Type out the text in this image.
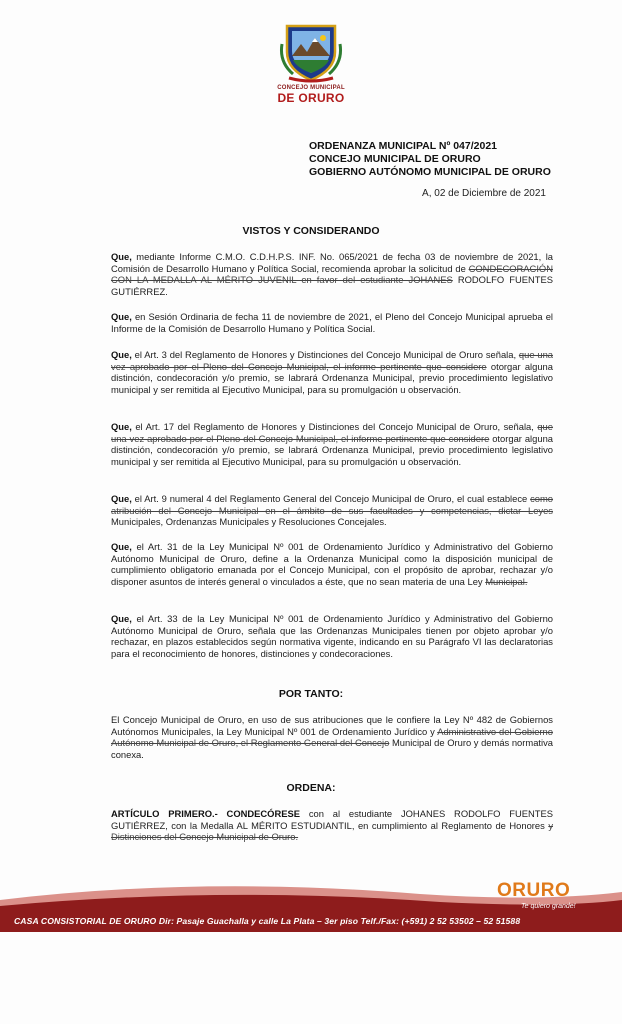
CONCEJO MUNICIPAL
DE ORURO
ORDENANZA MUNICIPAL Nº 047/2021
CONCEJO MUNICIPAL DE ORURO
GOBIERNO AUTÓNOMO MUNICIPAL DE ORURO
A, 02 de Diciembre de 2021
VISTOS Y CONSIDERANDO
Que, mediante Informe C.M.O. C.D.H.P.S. INF. No. 065/2021 de fecha 03 de noviembre de 2021, la Comisión de Desarrollo Humano y Política Social, recomienda aprobar la solicitud de CONDECORACIÓN CON LA MEDALLA AL MÉRITO JUVENIL en favor del estudiante JOHANES RODOLFO FUENTES GUTIÉRREZ.
Que, en Sesión Ordinaria de fecha 11 de noviembre de 2021, el Pleno del Concejo Municipal aprueba el Informe de la Comisión de Desarrollo Humano y Política Social.
Que, el Art. 3 del Reglamento de Honores y Distinciones del Concejo Municipal de Oruro señala, que una vez aprobado por el Pleno del Concejo Municipal, el informe pertinente que considere otorgar alguna distinción, condecoración y/o premio, se labrará Ordenanza Municipal, previo procedimiento legislativo municipal y ser remitida al Ejecutivo Municipal, para su promulgación u observación.
Que, el Art. 17 del Reglamento de Honores y Distinciones del Concejo Municipal de Oruro, señala, que una vez aprobado por el Pleno del Concejo Municipal, el informe pertinente que considere otorgar alguna distinción, condecoración y/o premio, se labrará Ordenanza Municipal, previo procedimiento legislativo municipal y ser remitida al Ejecutivo Municipal, para su promulgación u observación.
Que, el Art. 9 numeral 4 del Reglamento General del Concejo Municipal de Oruro, el cual establece como atribución del Concejo Municipal en el ámbito de sus facultades y competencias, dictar Leyes Municipales, Ordenanzas Municipales y Resoluciones Concejales.
Que, el Art. 31 de la Ley Municipal Nº 001 de Ordenamiento Jurídico y Administrativo del Gobierno Autónomo Municipal de Oruro, define a la Ordenanza Municipal como la disposición municipal de cumplimiento obligatorio emanada por el Concejo Municipal, con el propósito de aprobar, rechazar y/o disponer asuntos de interés general o vinculados a éste, que no sean materia de una Ley Municipal.
Que, el Art. 33 de la Ley Municipal Nº 001 de Ordenamiento Jurídico y Administrativo del Gobierno Autónomo Municipal de Oruro, señala que las Ordenanzas Municipales tienen por objeto aprobar y/o rechazar, en plazos establecidos según normativa vigente, indicando en su Parágrafo VI las declaratorias para el reconocimiento de honores, distinciones y condecoraciones.
POR TANTO:
El Concejo Municipal de Oruro, en uso de sus atribuciones que le confiere la Ley Nº 482 de Gobiernos Autónomos Municipales, la Ley Municipal Nº 001 de Ordenamiento Jurídico y Administrativo del Gobierno Autónomo Municipal de Oruro, el Reglamento General del Concejo Municipal de Oruro y demás normativa conexa.
ORDENA:
ARTÍCULO PRIMERO.- CONDECÓRESE con al estudiante JOHANES RODOLFO FUENTES GUTIÉRREZ, con la Medalla AL MÉRITO ESTUDIANTIL, en cumplimiento al Reglamento de Honores y Distinciones del Concejo Municipal de Oruro.
CASA CONSISTORIAL DE ORURO Dir: Pasaje Guachalla y calle La Plata – 3er piso Telf./Fax: (+591) 2 52 53502 – 52 51588
ORURO
Te quiero grande!
